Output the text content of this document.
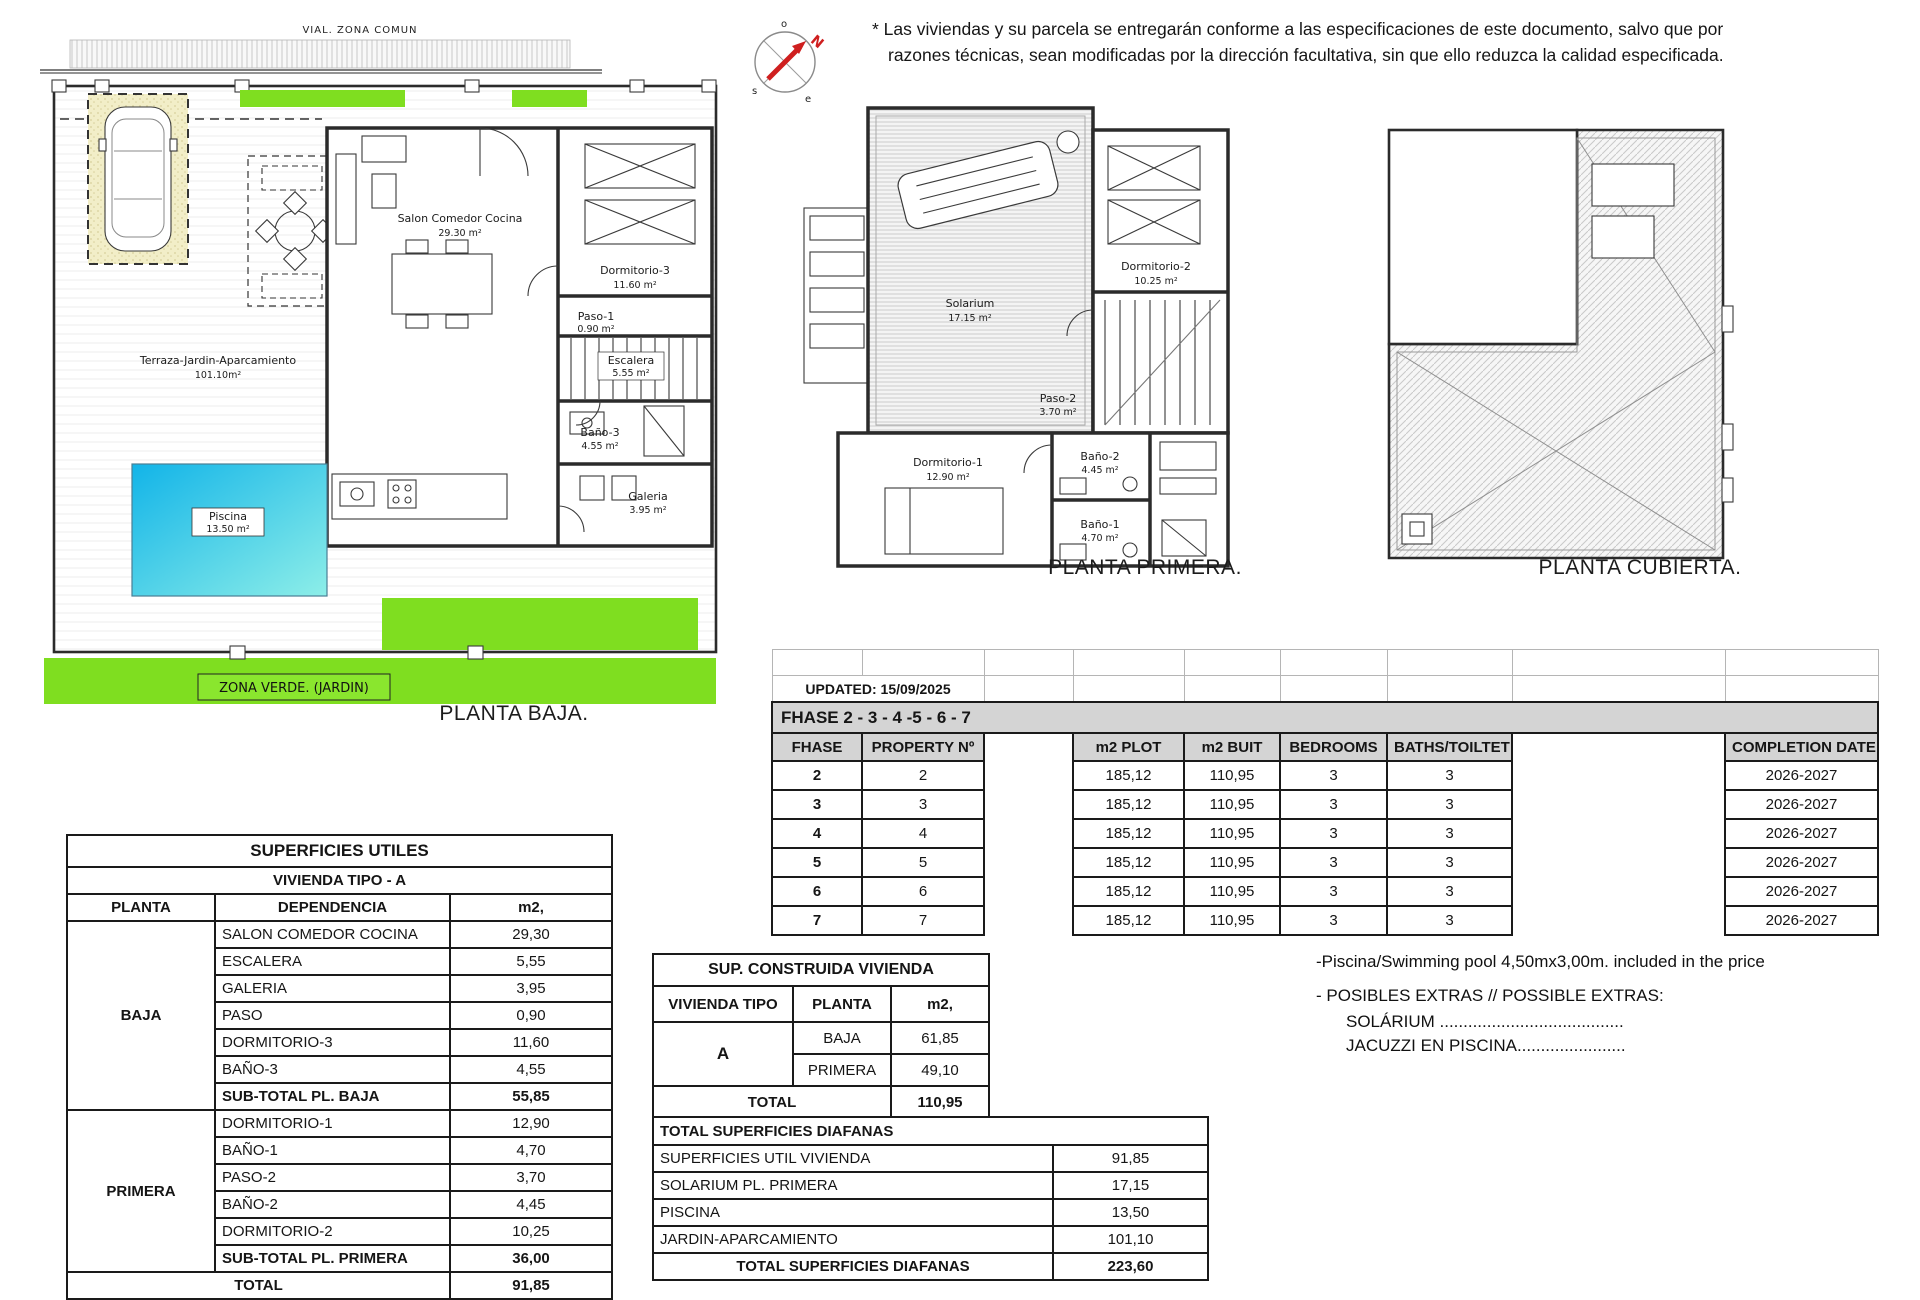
* Las viviendas y su parcela se entregarán conforme a las especificaciones de este documento, salvo que por
razones técnicas, sean modificadas por la dirección facultativa, sin que ello reduzca la calidad especificada.
o
N
s
e
VIAL. ZONA COMUN
Piscina
13.50 m²
ZONA VERDE. (JARDIN)
Salon Comedor Cocina
29.30 m²
Dormitorio-3
11.60 m²
Paso-1
0.90 m²
Escalera
5.55 m²
Baño-3
4.55 m²
Galeria
3.95 m²
Terraza-Jardin-Aparcamiento
101.10m²
PLANTA BAJA.
Solarium
17.15 m²
Dormitorio-2
10.25 m²
Paso-2
3.70 m²
Dormitorio-1
12.90 m²
Baño-2
4.45 m²
Baño-1
4.70 m²
PLANTA PRIMERA.	PLANTA CUBIERTA.

UPDATED: 15/09/2025								
FHASE 2 - 3 - 4 -5 - 6 - 7								
FHASE	PROPERTY Nº		m2 PLOT	m2 BUIT	BEDROOMS	BATHS/TOILTET		COMPLETION DATE
2	2		185,12	110,95	3	3		2026-2027
3	3		185,12	110,95	3	3		2026-2027
4	4		185,12	110,95	3	3		2026-2027
5	5		185,12	110,95	3	3		2026-2027
6	6		185,12	110,95	3	3		2026-2027
7	7		185,12	110,95	3	3		2026-2027
SUPERFICIES UTILES		
VIVIENDA TIPO - A		
PLANTA	DEPENDENCIA	m2,
BAJA	SALON COMEDOR COCINA	29,30
	ESCALERA	5,55
	GALERIA	3,95
	PASO	0,90
	DORMITORIO-3	11,60
	BAÑO-3	4,55
	SUB-TOTAL PL. BAJA	55,85
PRIMERA	DORMITORIO-1	12,90
	BAÑO-1	4,70
	PASO-2	3,70
	BAÑO-2	4,45
	DORMITORIO-2	10,25
	SUB-TOTAL PL. PRIMERA	36,00
TOTAL		91,85
SUP. CONSTRUIDA VIVIENDA		
VIVIENDA TIPO	PLANTA	m2,
A	BAJA	61,85
	PRIMERA	49,10
TOTAL		110,95
TOTAL SUPERFICIES DIAFANAS	
SUPERFICIES UTIL VIVIENDA	91,85
SOLARIUM PL. PRIMERA	17,15
PISCINA	13,50
JARDIN-APARCAMIENTO	101,10
TOTAL SUPERFICIES DIAFANAS	223,60
-Piscina/Swimming pool 4,50mx3,00m. included in the price
- POSIBLES EXTRAS // POSSIBLE EXTRAS:
SOLÁRIUM .......................................
JACUZZI EN PISCINA.......................
